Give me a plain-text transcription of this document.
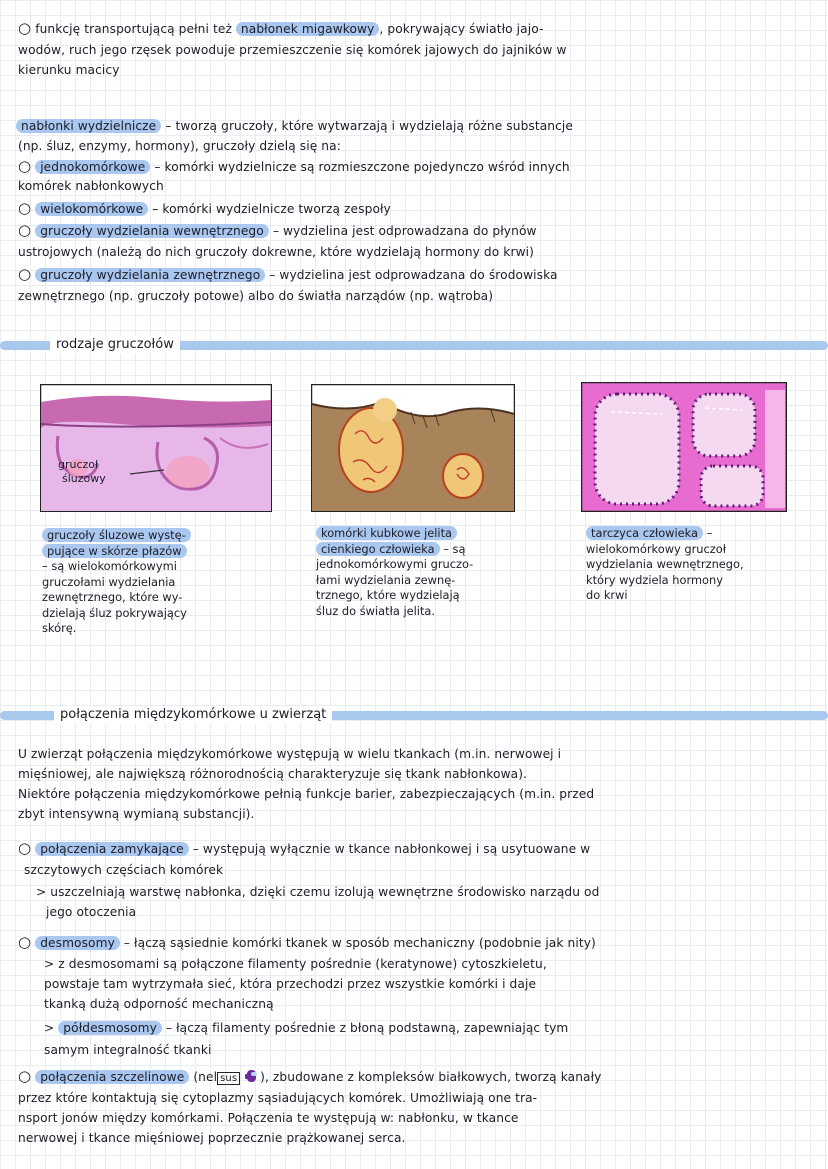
○ funkcję transportującą pełni też nabłonek migawkowy , pokrywający światło jajo-
wodów, ruch jego rzęsek powoduje przemieszczenie się komórek jajowych do jajników w
kierunku macicy
nabłonki wydzielnicze – tworzą gruczoły, które wytwarzają i wydzielają różne substancje
(np. śluz, enzymy, hormony), gruczoły dzielą się na:
○ jednokomórkowe – komórki wydzielnicze są rozmieszczone pojedynczo wśród innych
komórek nabłonkowych
○ wielokomórkowe – komórki wydzielnicze tworzą zespoły
○ gruczoły wydzielania wewnętrznego – wydzielina jest odprowadzana do płynów
ustrojowych (należą do nich gruczoły dokrewne, które wydzielają hormony do krwi)
○ gruczoły wydzielania zewnętrznego – wydzielina jest odprowadzana do środowiska
zewnętrznego (np. gruczoły potowe) albo do światła narządów (np. wątroba)
rodzaje gruczołów
gruczoł
śluzowy
gruczoły śluzowe wystę-
pujące w skórze płazów
– są wielokomórkowymi
gruczołami wydzielania
zewnętrznego, które wy-
dzielają śluz pokrywający
skórę.
komórki kubkowe jelita
cienkiego człowieka – są
jednokomórkowymi gruczo-
łami wydzielania zewnę-
trznego, które wydzielają
śluz do światła jelita.
tarczyca człowieka –
wielokomórkowy gruczoł
wydzielania wewnętrznego,
który wydziela hormony
do krwi
połączenia międzykomórkowe u zwierząt
U zwierząt połączenia międzykomórkowe występują w wielu tkankach (m.in. nerwowej i
mięśniowej, ale największą różnorodnością charakteryzuje się tkank nabłonkowa).
Niektóre połączenia międzykomórkowe pełnią funkcje barier, zabezpieczających (m.in. przed
zbyt intensywną wymianą substancji).
○ połączenia zamykające – występują wyłącznie w tkance nabłonkowej i są usytuowane w
szczytowych częściach komórek
> uszczelniają warstwę nabłonka, dzięki czemu izolują wewnętrzne środowisko narządu od
jego otoczenia
○ desmosomy – łączą sąsiednie komórki tkanek w sposób mechaniczny (podobnie jak nity)
> z desmosomami są połączone filamenty pośrednie (keratynowe) cytoszkieletu,
powstaje tam wytrzymała sieć, która przechodzi przez wszystkie komórki i daje
tkanką dużą odporność mechaniczną
> półdesmosomy – łączą filamenty pośrednie z błoną podstawną, zapewniając tym
samym integralność tkanki
○ połączenia szczelinowe (nel sus ), zbudowane z kompleksów białkowych, tworzą kanały
przez które kontaktują się cytoplazmy sąsiadujących komórek. Umożliwiają one tra-
nsport jonów między komórkami. Połączenia te występują w: nabłonku, w tkance
nerwowej i tkance mięśniowej poprzecznie prążkowanej serca.
